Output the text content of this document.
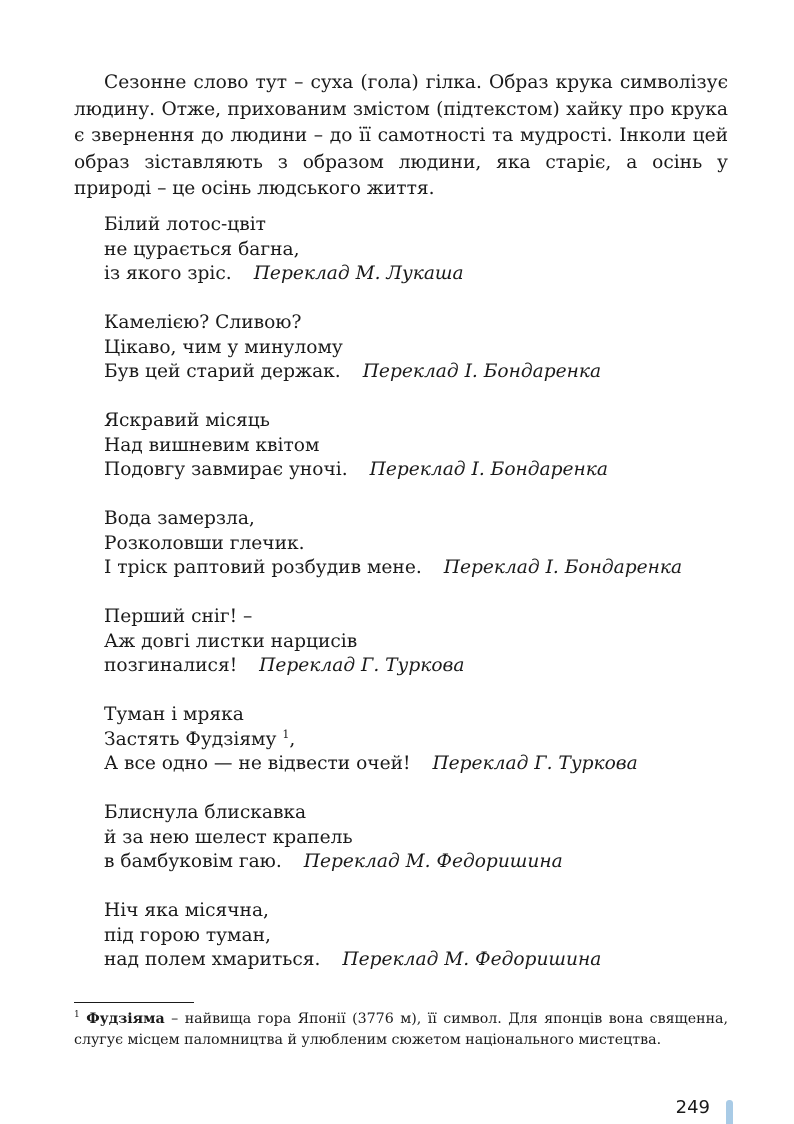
Сезонне слово тут – суха (гола) гілка. Образ крука символізує людину. Отже, прихованим змістом (підтекстом) хайку про крука є звернення до людини – до її самотності та мудрості. Інколи цей образ зіставляють з образом людини, яка старіє, а осінь у природі – це осінь людського життя.

Білий лотос-цвіт
не цурається багна,
із якого зріс. Переклад М. Лукаша
Камелією? Сливою?
Цікаво, чим у минулому
Був цей старий держак. Переклад І. Бондаренка
Яскравий місяць
Над вишневим квітом
Подовгу завмирає уночі. Переклад І. Бондаренка
Вода замерзла,
Розколовши глечик.
І тріск раптовий розбудив мене. Переклад І. Бондаренка
Перший сніг! –
Аж довгі листки нарцисів
позгиналися! Переклад Г. Туркова
Туман і мряка
Застять Фудзіяму $^1$,
А все одно — не відвести очей! Переклад Г. Туркова
Блиснула блискавка
й за нею шелест крапель
в бамбуковім гаю. Переклад М. Федоришина
Ніч яка місячна,
під горою туман,
над полем хмариться. Переклад М. Федоришина

$^1$ Фудзіяма – найвища гора Японії (3776 м), її символ. Для японців вона священна, слугує місцем паломництва й улюбленим сюжетом національного мистецтва.

249
